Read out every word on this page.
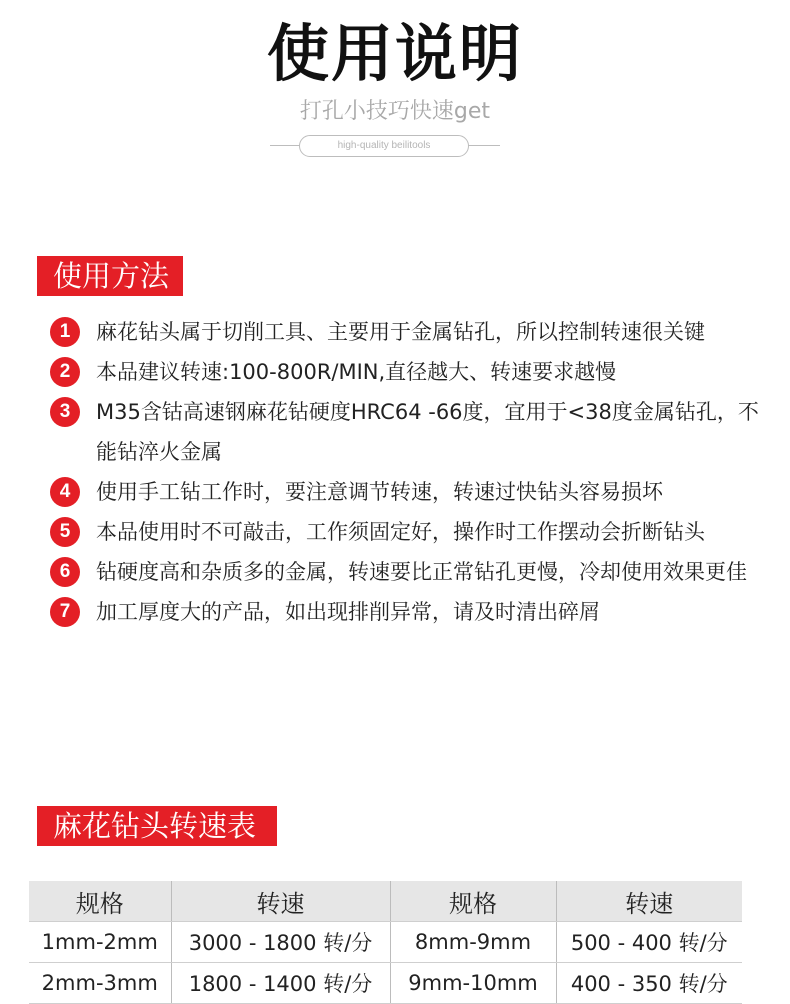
使用说明
打孔小技巧快速get
high-quality beilitools
使用方法
1	麻花钻头属于切削工具、主要用于金属钻孔，所以控制转速很关键
2	本品建议转速:100-800R/MIN,直径越大、转速要求越慢
3	M35含钴高速钢麻花钻硬度HRC64 -66度，宜用于<38度金属钻孔，不能钻淬火金属
4	使用手工钻工作时，要注意调节转速，转速过快钻头容易损坏
5	本品使用时不可敲击，工作须固定好，操作时工作摆动会折断钻头
6	钻硬度高和杂质多的金属，转速要比正常钻孔更慢，冷却使用效果更佳
7	加工厚度大的产品，如出现排削异常，请及时清出碎屑
麻花钻头转速表
规格	转速	规格	转速
1mm-2mm	3000 - 1800 转/分	8mm-9mm	500 - 400 转/分
2mm-3mm	1800 - 1400 转/分	9mm-10mm	400 - 350 转/分
